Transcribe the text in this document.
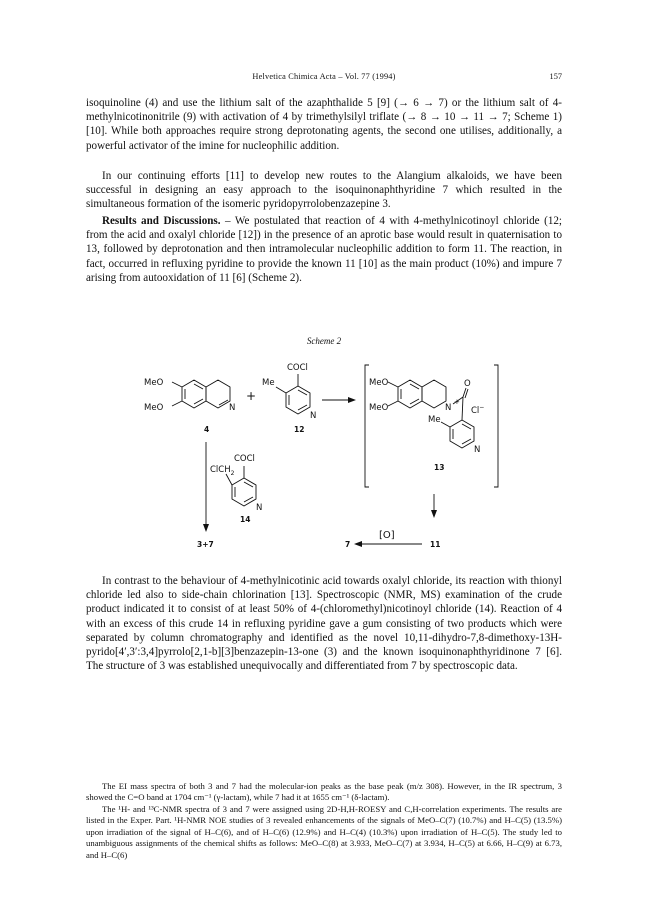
Helvetica Chimica Acta – Vol. 77 (1994)	157

isoquinoline (4) and use the lithium salt of the azaphthalide 5 [9] (→ 6 → 7) or the lithium salt of 4-methylnicotinonitrile (9) with activation of 4 by trimethylsilyl triflate (→ 8 → 10 → 11 → 7; Scheme 1) [10]. While both approaches require strong deprotonating agents, the second one utilises, additionally, a powerful activator of the imine for nucleophilic addition.

In our continuing efforts [11] to develop new routes to the Alangium alkaloids, we have been successful in designing an easy approach to the isoquinonaphthyridine 7 which resulted in the simultaneous formation of the isomeric pyridopyrrolobenzazepine 3.

Results and Discussions. – We postulated that reaction of 4 with 4-methylnicotinoyl chloride (12; from the acid and oxalyl chloride [12]) in the presence of an aprotic base would result in quaternisation to 13, followed by deprotonation and then intramolecular nucleophilic addition to form 11. The reaction, in fact, occurred in refluxing pyridine to provide the known 11 [10] as the main product (10%) and impure 7 arising from autooxidation of 11 [6] (Scheme 2).

Scheme 2
MeO
MeO	N
4
+
COCl
Me
N
12
MeO
MeO	N
+
O
Cl−
Me
N
13
COCl
ClCH$_2$
N
14
3+7	7	11
[O]

In contrast to the behaviour of 4-methylnicotinic acid towards oxalyl chloride, its reaction with thionyl chloride led also to side-chain chlorination [13]. Spectroscopic (NMR, MS) examination of the crude product indicated it to consist of at least 50% of 4-(chloromethyl)nicotinoyl chloride (14). Reaction of 4 with an excess of this crude 14 in refluxing pyridine gave a gum consisting of two products which were separated by column chromatography and identified as the novel 10,11-dihydro-7,8-dimethoxy-13H-pyrido[4′,3′:3,4]pyrrolo[2,1-b][3]benzazepin-13-one (3) and the known isoquinonaphthyridinone 7 [6]. The structure of 3 was established unequivocally and differentiated from 7 by spectroscopic data.

The EI mass spectra of both 3 and 7 had the molecular-ion peaks as the base peak (m/z 308). However, in the IR spectrum, 3 showed the C=O band at 1704 cm⁻¹ (γ-lactam), while 7 had it at 1655 cm⁻¹ (δ-lactam).

The ¹H- and ¹³C-NMR spectra of 3 and 7 were assigned using 2D-H,H-ROESY and C,H-correlation experiments. The results are listed in the Exper. Part. ¹H-NMR NOE studies of 3 revealed enhancements of the signals of MeO–C(7) (10.7%) and H–C(5) (13.5%) upon irradiation of the signal of H–C(6), and of H–C(6) (12.9%) and H–C(4) (10.3%) upon irradiation of H–C(5). The study led to unambiguous assignments of the chemical shifts as follows: MeO–C(8) at 3.933, MeO–C(7) at 3.934, H–C(5) at 6.66, H–C(9) at 6.73, and H–C(6)
